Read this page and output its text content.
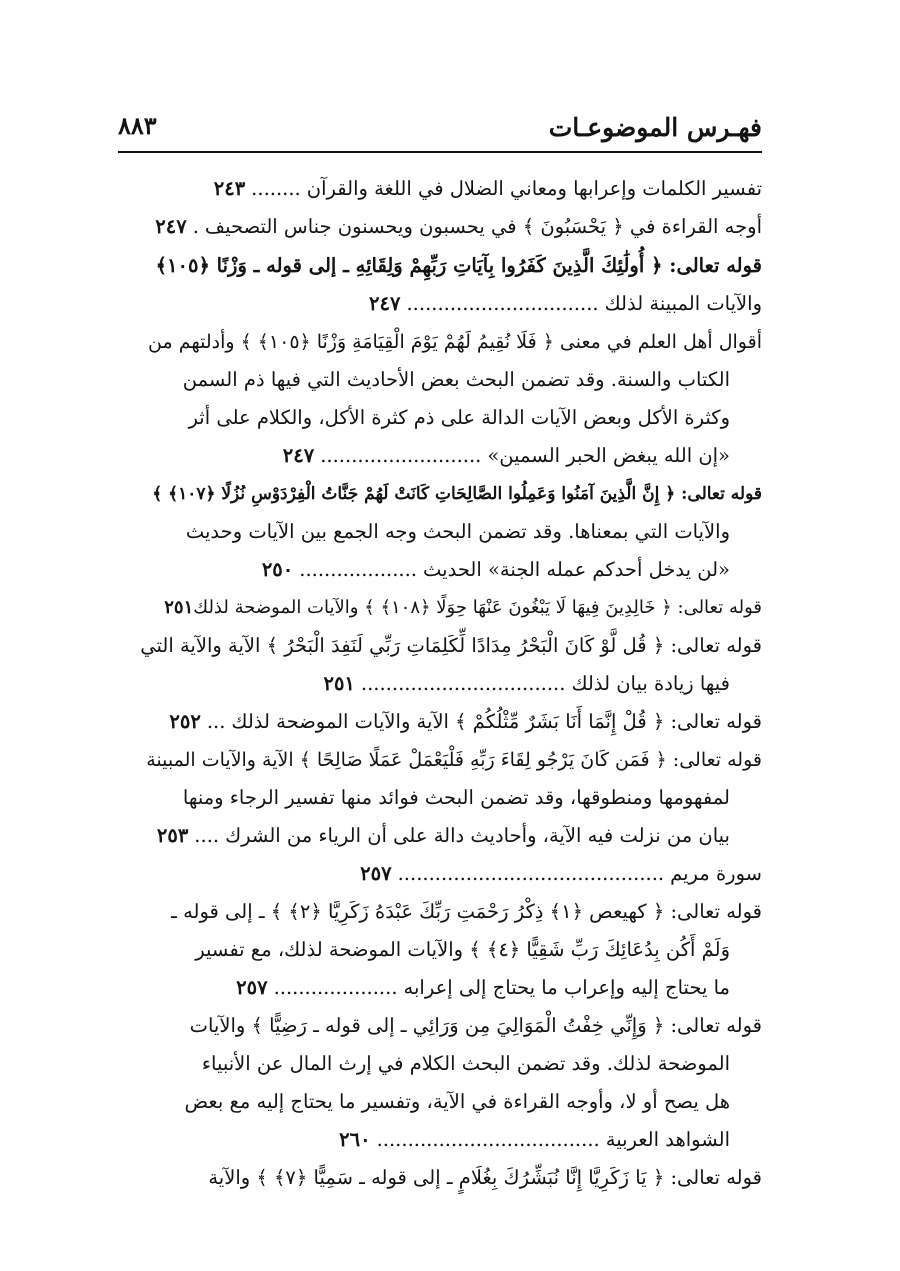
فهـرس الموضوعـات
٨٨٣
تفسير الكلمات وإعرابها ومعاني الضلال في اللغة والقرآن........٢٤٣
أوجه القراءة في ﴿ يَحْسَبُونَ ﴾ في يحسبون ويحسنون جناس التصحيف.٢٤٧
قوله تعالى: ﴿ أُولَٰئِكَ الَّذِينَ كَفَرُوا بِآيَاتِ رَبِّهِمْ وَلِقَائِهِ ـ إلى قوله ـ وَزْنًا ﴿١٠٥﴾
والآيات المبينة لذلك...............................٢٤٧
أقوال أهل العلم في معنى ﴿ فَلَا نُقِيمُ لَهُمْ يَوْمَ الْقِيَامَةِ وَزْنًا ﴿١٠٥﴾ ﴾ وأدلتهم من
الكتاب والسنة. وقد تضمن البحث بعض الأحاديث التي فيها ذم السمن
وكثرة الأكل وبعض الآيات الدالة على ذم كثرة الأكل، والكلام على أثر
«إن الله يبغض الحبر السمين»..........................٢٤٧
قوله تعالى: ﴿ إِنَّ الَّذِينَ آمَنُوا وَعَمِلُوا الصَّالِحَاتِ كَانَتْ لَهُمْ جَنَّاتُ الْفِرْدَوْسِ نُزُلًا ﴿١٠٧﴾ ﴾
والآيات التي بمعناها. وقد تضمن البحث وجه الجمع بين الآيات وحديث
«لن يدخل أحدكم عمله الجنة» الحديث...................٢٥٠
قوله تعالى: ﴿ خَالِدِينَ فِيهَا لَا يَبْغُونَ عَنْهَا حِوَلًا ﴿١٠٨﴾ ﴾ والآيات الموضحة لذلك٢٥١
قوله تعالى: ﴿ قُل لَّوْ كَانَ الْبَحْرُ مِدَادًا لِّكَلِمَاتِ رَبِّي لَنَفِدَ الْبَحْرُ ﴾ الآية والآية التي
فيها زيادة بيان لذلك.................................٢٥١
قوله تعالى: ﴿ قُلْ إِنَّمَا أَنَا بَشَرٌ مِّثْلُكُمْ ﴾ الآية والآيات الموضحة لذلك...٢٥٢
قوله تعالى: ﴿ فَمَن كَانَ يَرْجُو لِقَاءَ رَبِّهِ فَلْيَعْمَلْ عَمَلًا صَالِحًا ﴾ الآية والآيات المبينة
لمفهومها ومنطوقها، وقد تضمن البحث فوائد منها تفسير الرجاء ومنها
بيان من نزلت فيه الآية، وأحاديث دالة على أن الرياء من الشرك....٢٥٣
سورة مريم...........................................٢٥٧
قوله تعالى: ﴿ كهيعص ﴿١﴾ ذِكْرُ رَحْمَتِ رَبِّكَ عَبْدَهُ زَكَرِيَّا ﴿٢﴾ ﴾ ـ إلى قوله ـ
وَلَمْ أَكُن بِدُعَائِكَ رَبِّ شَقِيًّا ﴿٤﴾ ﴾ والآيات الموضحة لذلك، مع تفسير
ما يحتاج إليه وإعراب ما يحتاج إلى إعرابه....................٢٥٧
قوله تعالى: ﴿ وَإِنِّي خِفْتُ الْمَوَالِيَ مِن وَرَائِي ـ إلى قوله ـ رَضِيًّا ﴾ والآيات
الموضحة لذلك. وقد تضمن البحث الكلام في إرث المال عن الأنبياء
هل يصح أو لا، وأوجه القراءة في الآية، وتفسير ما يحتاج إليه مع بعض
الشواهد العربية....................................٢٦٠
قوله تعالى: ﴿ يَا زَكَرِيَّا إِنَّا نُبَشِّرُكَ بِغُلَامٍ ـ إلى قوله ـ سَمِيًّا ﴿٧﴾ ﴾ والآية
